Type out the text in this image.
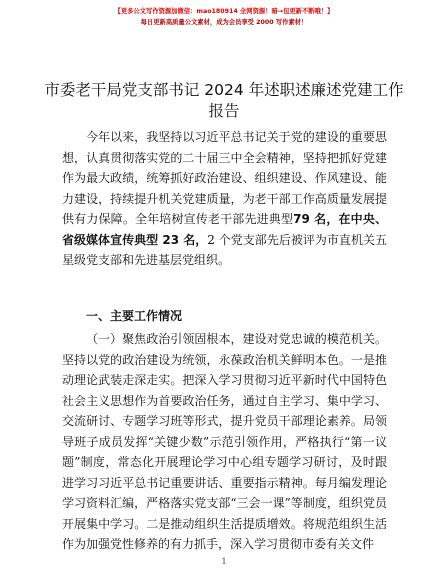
【更多公文写作资源加微信：mao180914 全网资源！暗→包更新不断哦！】
每日更新高质量公文素材，成为会员享受 2000 写作素材！
市委老干局党支部书记 2024 年述职述廉述党建工作报告

今年以来，我坚持以习近平总书记关于党的建设的重要思想，认真贯彻落实党的二十届三中全会精神，坚持把抓好党建作为最大政绩，统筹抓好政治建设、组织建设、作风建设、能力建设，持续提升机关党建质量，为老干部工作高质量发展提供有力保障。全年培树宣传老干部先进典型79 名，在中央、省级媒体宣传典型 23 名，2 个党支部先后被评为市直机关五星级党支部和先进基层党组织。

一、主要工作情况

（一）聚焦政治引领固根本，建设对党忠诚的模范机关。坚持以党的政治建设为统领，永葆政治机关鲜明本色。一是推动理论武装走深走实。把深入学习贯彻习近平新时代中国特色社会主义思想作为首要政治任务，通过自主学习、集中学习、交流研讨、专题学习班等形式，提升党员干部理论素养。局领导班子成员发挥“关键少数”示范引领作用，严格执行“第一议题”制度，常态化开展理论学习中心组专题学习研讨，及时跟进学习习近平总书记重要讲话、重要指示精神。每月编发理论学习资料汇编，严格落实党支部“三会一课”等制度，组织党员开展集中学习。二是推动组织生活提质增效。将规范组织生活作为加强党性修养的有力抓手，深入学习贯彻市委有关文件

1
